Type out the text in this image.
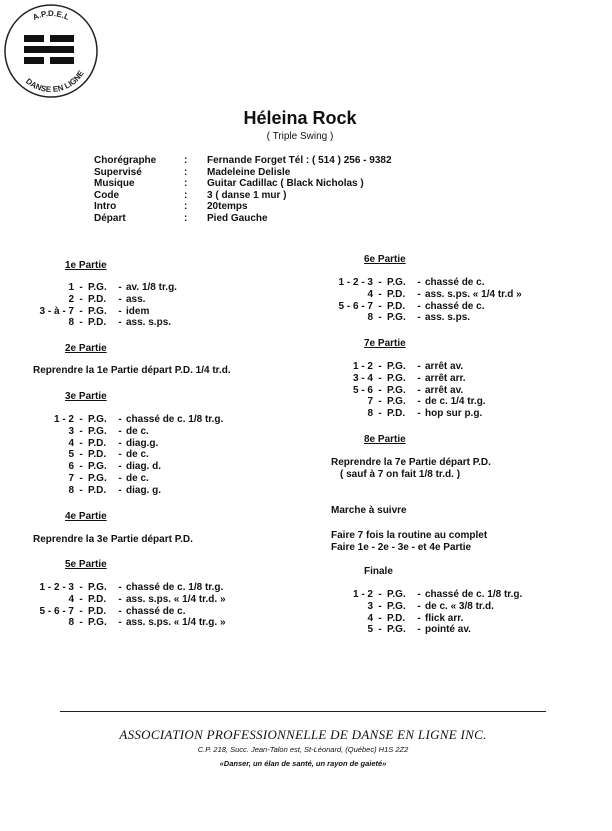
A.P.D.E.L
DANSE EN LIGNE
Héleina Rock
( Triple Swing )
Chorégraphe	:	Fernande Forget Tél : ( 514 ) 256 - 9382
Supervisé	:	Madeleine Delisle
Musique	:	Guitar Cadillac ( Black Nicholas )
Code	:	3 ( danse 1 mur )
Intro	:	20temps
Départ	:	Pied Gauche
1e Partie
1 - P.G.	- av. 1/8 tr.g.
2 - P.D.	- ass.
3 - à - 7 - P.G.	- idem
8 - P.D.	- ass. s.ps.
2e Partie
Reprendre la 1e Partie départ P.D. 1/4 tr.d.
3e Partie
1 - 2 - P.G.	- chassé de c. 1/8 tr.g.
3 - P.G.	- de c.
4 - P.D.	- diag.g.
5 - P.D.	- de c.
6 - P.G.	- diag. d.
7 - P.G.	- de c.
8 - P.D.	- diag. g.
4e Partie
Reprendre la 3e Partie départ P.D.
5e Partie
1 - 2 - 3 - P.G.	- chassé de c. 1/8 tr.g.
4 - P.D.	- ass. s.ps. « 1/4 tr.d. »
5 - 6 - 7 - P.D.	- chassé de c.
8 - P.G.	- ass. s.ps. « 1/4 tr.g. »
6e Partie
1 - 2 - 3 - P.G.	- chassé de c.
4 - P.D.	- ass. s.ps. « 1/4 tr.d »
5 - 6 - 7 - P.D.	- chassé de c.
8 - P.G.	- ass. s.ps.
7e Partie
1 - 2 - P.G.	- arrêt av.
3 - 4 - P.G.	- arrêt arr.
5 - 6 - P.G.	- arrêt av.
7 - P.G.	- de c. 1/4 tr.g.
8 - P.D.	- hop sur p.g.
8e Partie
Reprendre la 7e Partie départ P.D.
( sauf à 7 on fait 1/8 tr.d. )
Marche à suivre
Faire 7 fois la routine au complet
Faire 1e - 2e - 3e - et 4e Partie
Finale
1 - 2 - P.G.	- chassé de c. 1/8 tr.g.
3 - P.G.	- de c. « 3/8 tr.d.
4 - P.D.	- flick arr.
5 - P.G.	- pointé av.
ASSOCIATION PROFESSIONNELLE DE DANSE EN LIGNE INC.
C.P. 218, Succ. Jean-Talon est, St-Léonard, (Québec) H1S 2Z2
«Danser, un élan de santé, un rayon de gaieté»
